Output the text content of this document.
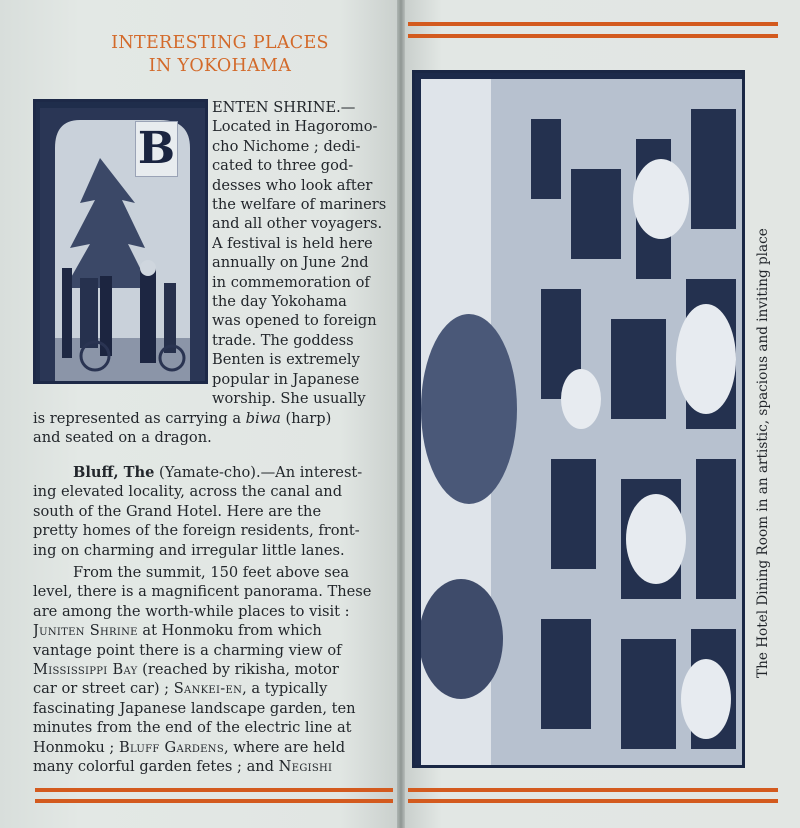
INTERESTING PLACES
IN YOKOHAMA
B
ENTEN SHRINE.—
Located in Hagoromo-
cho Nichome ; dedi-
cated to three god-
desses who look after
the welfare of mariners
and all other voyagers.
A festival is held here
annually on June 2nd
in commemoration of
the day Yokohama
was opened to foreign
trade. The goddess
Benten is extremely
popular in Japanese
worship. She usually
is represented as carrying a biwa (harp)
and seated on a dragon.
Bluff, The (Yamate-cho).—An interest-
ing elevated locality, across the canal and
south of the Grand Hotel. Here are the
pretty homes of the foreign residents, front-
ing on charming and irregular little lanes.
From the summit, 150 feet above sea
level, there is a magnificent panorama. These
are among the worth-while places to visit :
Juniten Shrine at Honmoku from which
vantage point there is a charming view of
Mississippi Bay (reached by rikisha, motor
car or street car) ; Sankei-en, a typically
fascinating Japanese landscape garden, ten
minutes from the end of the electric line at
Honmoku ; Bluff Gardens, where are held
many colorful garden fetes ; and Negishi
The Hotel Dining Room in an artistic, spacious and inviting place
